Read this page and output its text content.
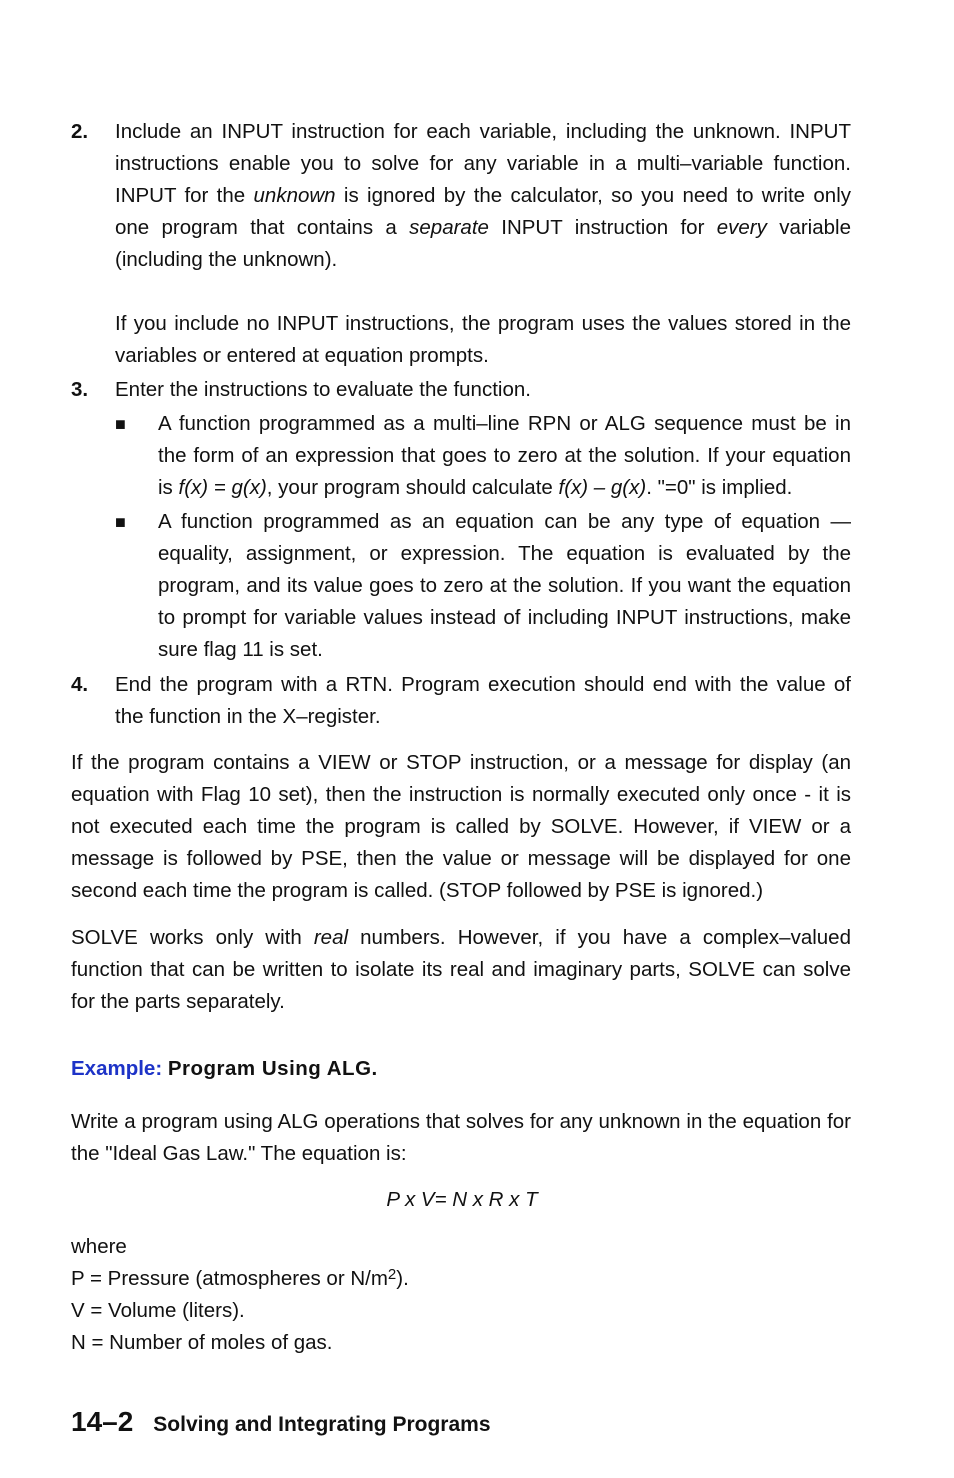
2. Include an INPUT instruction for each variable, including the unknown. INPUT instructions enable you to solve for any variable in a multi–variable function. INPUT for the unknown is ignored by the calculator, so you need to write only one program that contains a separate INPUT instruction for every variable (including the unknown).

If you include no INPUT instructions, the program uses the values stored in the variables or entered at equation prompts.

3. Enter the instructions to evaluate the function.

■ A function programmed as a multi–line RPN or ALG sequence must be in the form of an expression that goes to zero at the solution. If your equation is f(x) = g(x), your program should calculate f(x) – g(x). "=0" is implied.

■ A function programmed as an equation can be any type of equation — equality, assignment, or expression. The equation is evaluated by the program, and its value goes to zero at the solution. If you want the equation to prompt for variable values instead of including INPUT instructions, make sure flag 11 is set.

4. End the program with a RTN. Program execution should end with the value of the function in the X–register.

If the program contains a VIEW or STOP instruction, or a message for display (an equation with Flag 10 set), then the instruction is normally executed only once - it is not executed each time the program is called by SOLVE. However, if VIEW or a message is followed by PSE, then the value or message will be displayed for one second each time the program is called. (STOP followed by PSE is ignored.)

SOLVE works only with real numbers. However, if you have a complex–valued function that can be written to isolate its real and imaginary parts, SOLVE can solve for the parts separately.

Example: Program Using ALG.

Write a program using ALG operations that solves for any unknown in the equation for the "Ideal Gas Law." The equation is:

P x V= N x R x T

where

P = Pressure (atmospheres or $N/m^2$).

V = Volume (liters).

N = Number of moles of gas.

14–2 Solving and Integrating Programs
